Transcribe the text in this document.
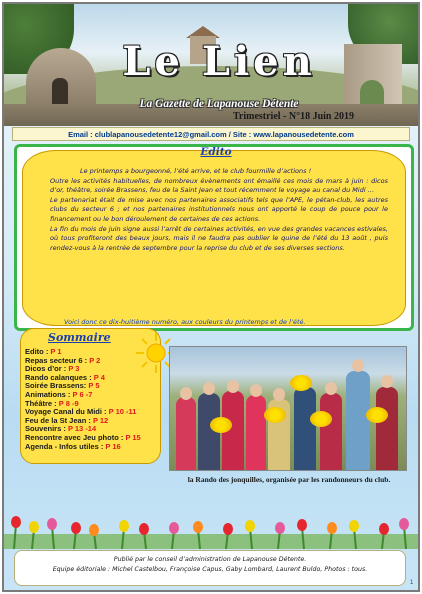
Le Lien
La Gazette de Lapanouse Détente
Trimestriel - N°18 Juin 2019
Email : clublapanousedetente12@gmail.com / Site : www.lapanousedetente.com
Edito

Le printemps a bourgeonné, l’été arrive, et le club fourmille d’actions !

Outre les activités habituelles, de nombreux évènements ont émaillé ces mois de mars à juin : dicos d’or, théâtre, soirée Brassens, feu de la Saint Jean et tout récemment le voyage au canal du Midi …

Le partenariat était de mise avec nos partenaires associatifs tels que l’APE, le pétan-club, les autres clubs du secteur 6 ; et nos partenaires institutionnels nous ont apporté le coup de pouce pour le financement ou le bon déroulement de certaines de ces actions.

La fin du mois de juin signe aussi l’arrêt de certaines activités, en vue des grandes vacances estivales, où tous profiteront des beaux jours, mais il ne faudra pas oublier le quine de l’été du 13 août , puis rendez-vous à la rentrée de septembre pour la reprise du club et de ses diverses sections.

Voici donc ce dix-huitième numéro, aux couleurs du printemps et de l’été.
Sommaire
Edito : P 1
Repas secteur 6 : P 2
Dicos d’or : P 3
Rando calanques : P 4
Soirée Brassens: P 5
Animations : P 6 -7
Théâtre : P 8 -9
Voyage Canal du Midi : P 10 -11
Feu de la St Jean : P 12
Souvenirs : P 13 -14
Rencontre avec Jeu photo : P 15
Agenda - Infos utiles : P 16
la Rando des jonquilles, organisée par les randonneurs du club.
Publié par le conseil d’administration de Lapanouse Détente.
Equipe éditoriale : Michel Castelbou, Françoise Capus, Gaby Lombard, Laurent Buldo, Photos : tous.
1
